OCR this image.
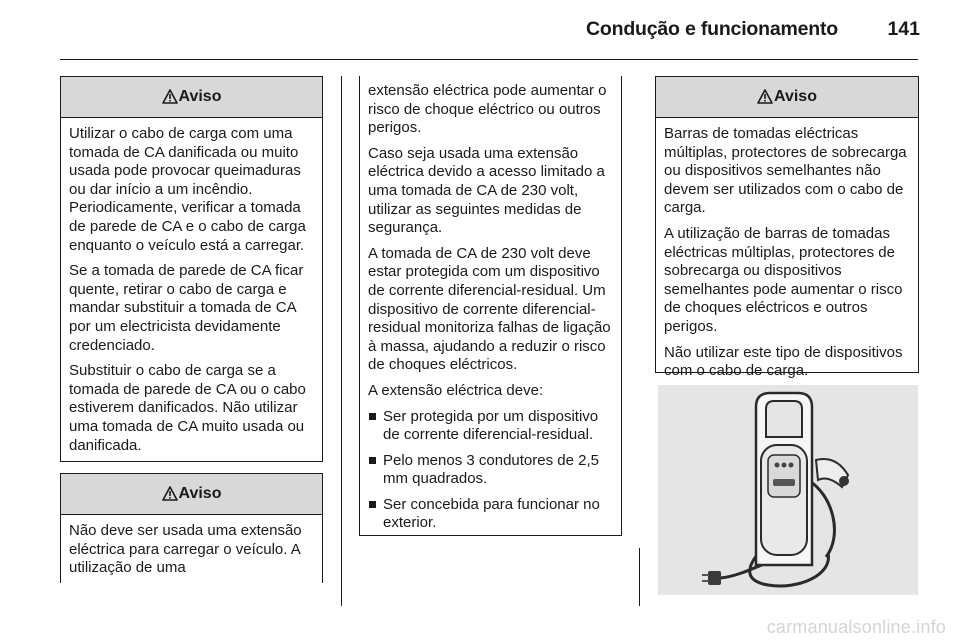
Condução e funcionamento	141
Aviso

Utilizar o cabo de carga com uma tomada de CA danificada ou muito usada pode provocar queimaduras ou dar início a um incêndio. Periodicamente, verificar a tomada de parede de CA e o cabo de carga enquanto o veículo está a carregar.

Se a tomada de parede de CA ficar quente, retirar o cabo de carga e mandar substituir a tomada de CA por um electricista devidamente credenciado.

Substituir o cabo de carga se a tomada de parede de CA ou o cabo estiverem danificados. Não utilizar uma tomada de CA muito usada ou danificada.

Aviso

Não deve ser usada uma extensão eléctrica para carregar o veículo. A utilização de uma

extensão eléctrica pode aumentar o risco de choque eléctrico ou outros perigos.

Caso seja usada uma extensão eléctrica devido a acesso limitado a uma tomada de CA de 230 volt, utilizar as seguintes medidas de segurança.

A tomada de CA de 230 volt deve estar protegida com um dispositivo de corrente diferencial-residual. Um dispositivo de corrente diferencial-residual monitoriza falhas de ligação à massa, ajudando a reduzir o risco de choques eléctricos.

A extensão eléctrica deve:

Ser protegida por um dispositivo de corrente diferencial-residual.
Pelo menos 3 condutores de 2,5 mm quadrados.
Ser concebida para funcionar no exterior.
Aviso

Barras de tomadas eléctricas múltiplas, protectores de sobrecarga ou dispositivos semelhantes não devem ser utilizados com o cabo de carga.

A utilização de barras de tomadas eléctricas múltiplas, protectores de sobrecarga ou dispositivos semelhantes pode aumentar o risco de choques eléctricos e outros perigos.

Não utilizar este tipo de dispositivos com o cabo de carga.

carmanualsonline.info
